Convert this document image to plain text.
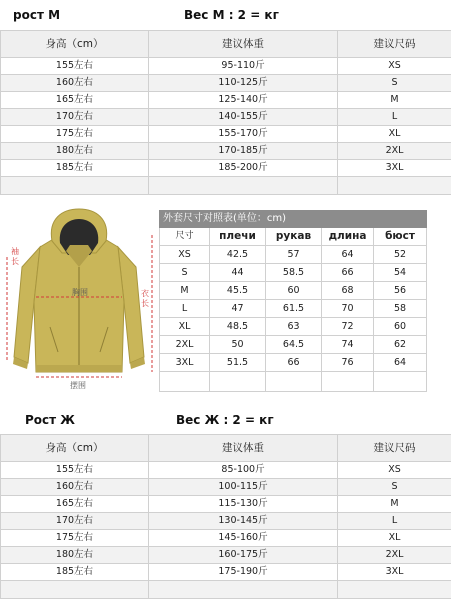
рост М	Вес М : 2 = кг
身高（cm）	建议体重	建议尺码
155左右	95-110斤	XS
160左右	110-125斤	S
165左右	125-140斤	M
170左右	140-155斤	L
175左右	155-170斤	XL
180左右	170-185斤	2XL
185左右	185-200斤	3XL

袖长
胸围	衣长
摆围
外套尺寸对照表(单位：cm)				
尺寸	плечи	рукав	длина	бюст
XS	42.5	57	64	52
S	44	58.5	66	54
M	45.5	60	68	56
L	47	61.5	70	58
XL	48.5	63	72	60
2XL	50	64.5	74	62
3XL	51.5	66	76	64

Рост Ж	Вес Ж : 2 = кг
身高（cm）	建议体重	建议尺码
155左右	85-100斤	XS
160左右	100-115斤	S
165左右	115-130斤	M
170左右	130-145斤	L
175左右	145-160斤	XL
180左右	160-175斤	2XL
185左右	175-190斤	3XL
